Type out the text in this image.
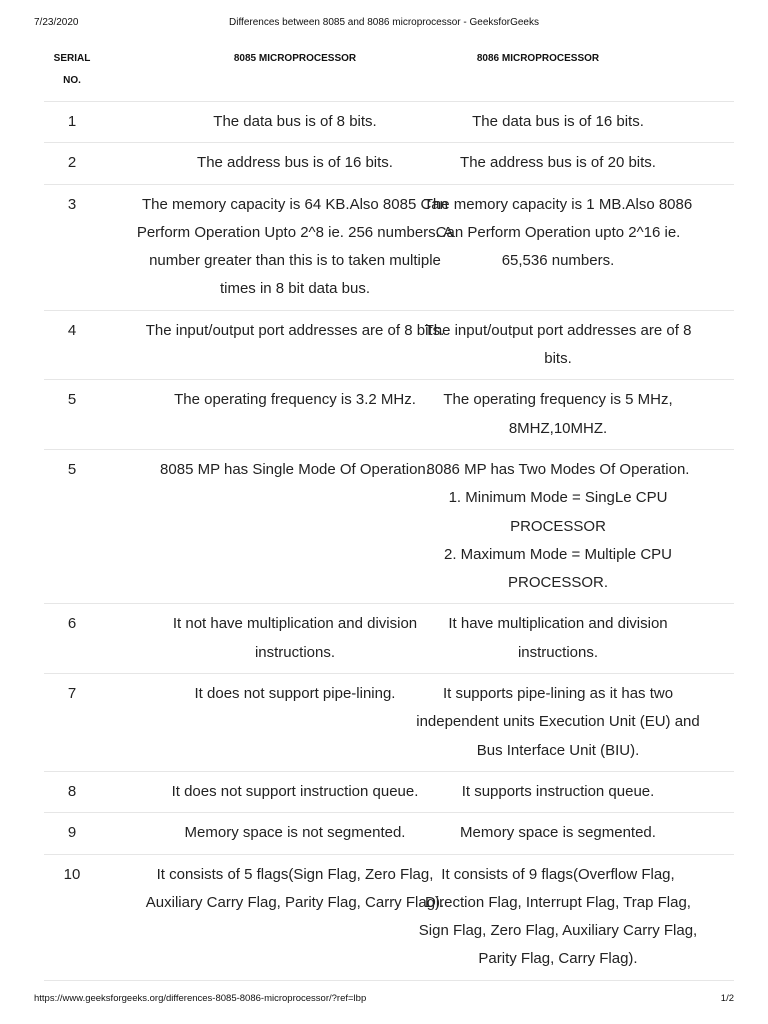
7/23/2020	Differences between 8085 and 8086 microprocessor - GeeksforGeeks
SERIAL NO.	8085 MICROPROCESSOR	8086 MICROPROCESSOR
1	The data bus is of 8 bits.	The data bus is of 16 bits.

2	The address bus is of 16 bits.	The address bus is of 20 bits.

3	The memory capacity is 64 KB.Also 8085 Can Perform Operation Upto 2^8 ie. 256 numbers. A number greater than this is to taken multiple times in 8 bit data bus.	The memory capacity is 1 MB.Also 8086 Can Perform Operation upto 2^16 ie. 65,536 numbers.

4	The input/output port addresses are of 8 bits.	The input/output port addresses are of 8 bits.

5	The operating frequency is 3.2 MHz.	The operating frequency is 5 MHz, 8MHZ,10MHZ.

5	8085 MP has Single Mode Of Operation.	8086 MP has Two Modes Of Operation.
1. Minimum Mode = SingLe CPU PROCESSOR
2. Maximum Mode = Multiple CPU PROCESSOR.

6	It not have multiplication and division instructions.	It have multiplication and division instructions.

7	It does not support pipe-lining.	It supports pipe-lining as it has two independent units Execution Unit (EU) and Bus Interface Unit (BIU).

8	It does not support instruction queue.	It supports instruction queue.

9	Memory space is not segmented.	Memory space is segmented.

10	It consists of 5 flags(Sign Flag, Zero Flag, Auxiliary Carry Flag, Parity Flag, Carry Flag).	It consists of 9 flags(Overflow Flag, Direction Flag, Interrupt Flag, Trap Flag, Sign Flag, Zero Flag, Auxiliary Carry Flag, Parity Flag, Carry Flag).
https://www.geeksforgeeks.org/differences-8085-8086-microprocessor/?ref=lbp	1/2
